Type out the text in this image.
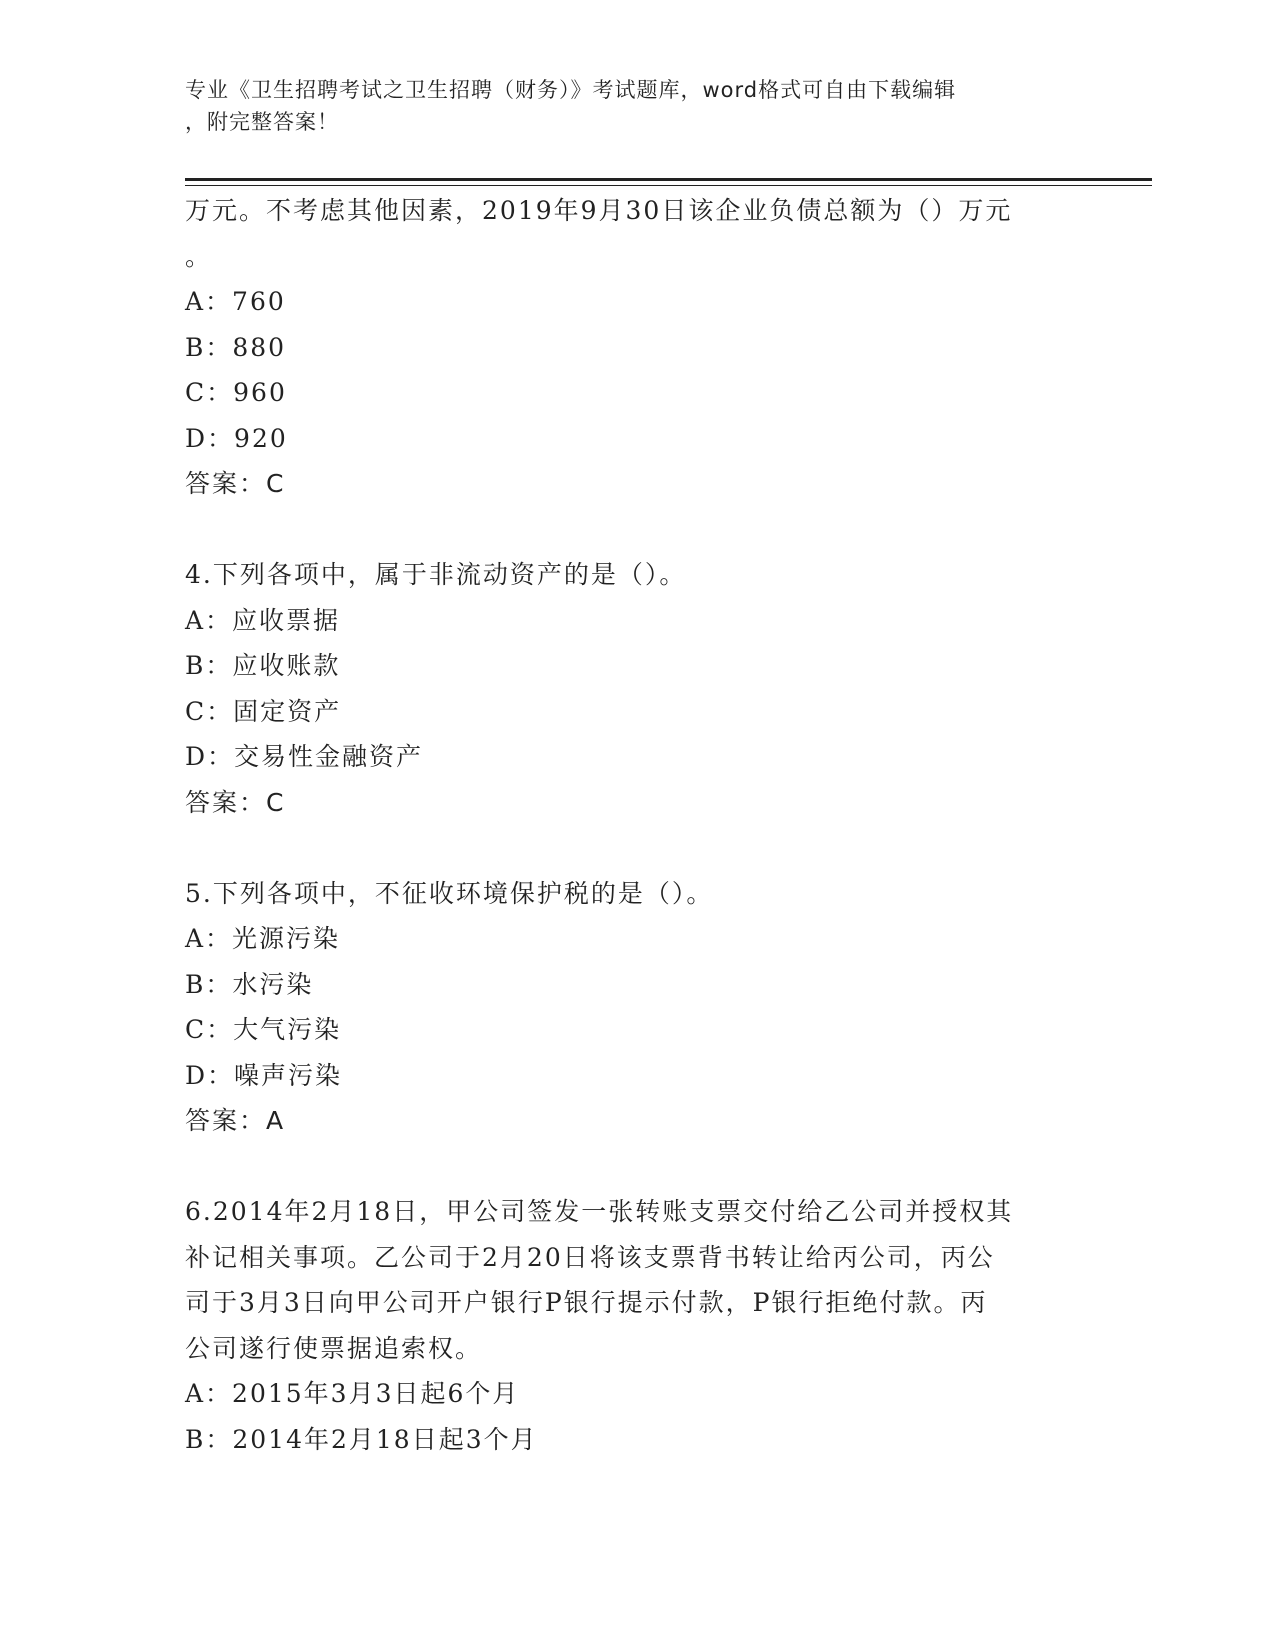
专业《卫生招聘考试之卫生招聘（财务）》考试题库，word格式可自由下载编辑
，附完整答案！
万元。不考虑其他因素，2019年9月30日该企业负债总额为（）万元
。
A：760
B：880
C：960
D：920
答案：C
4.下列各项中，属于非流动资产的是（）。
A：应收票据
B：应收账款
C：固定资产
D：交易性金融资产
答案：C
5.下列各项中，不征收环境保护税的是（）。
A：光源污染
B：水污染
C：大气污染
D：噪声污染
答案：A
6.2014年2月18日，甲公司签发一张转账支票交付给乙公司并授权其
补记相关事项。乙公司于2月20日将该支票背书转让给丙公司，丙公
司于3月3日向甲公司开户银行P银行提示付款，P银行拒绝付款。丙
公司遂行使票据追索权。
A：2015年3月3日起6个月
B：2014年2月18日起3个月
